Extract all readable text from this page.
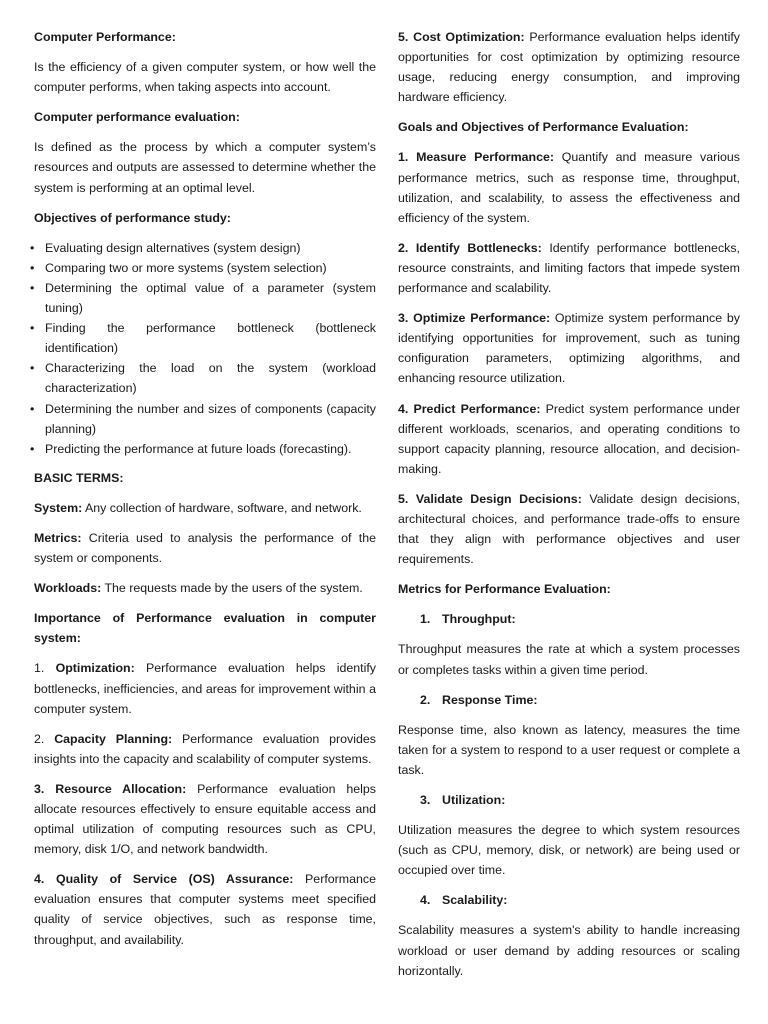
Computer Performance:

Is the efficiency of a given computer system, or how well the computer performs, when taking aspects into account.

Computer performance evaluation:

Is defined as the process by which a computer system’s resources and outputs are assessed to determine whether the system is performing at an optimal level.

Objectives of performance study:

• Evaluating design alternatives (system design)
• Comparing two or more systems (system selection)
• Determining the optimal value of a parameter (system tuning)
• Finding the performance bottleneck (bottleneck identification)
• Characterizing the load on the system (workload characterization)
• Determining the number and sizes of components (capacity planning)
• Predicting the performance at future loads (forecasting).

BASIC TERMS:

System: Any collection of hardware, software, and network.

Metrics: Criteria used to analysis the performance of the system or components.

Workloads: The requests made by the users of the system.

Importance of Performance evaluation in computer system:

1. Optimization: Performance evaluation helps identify bottlenecks, inefficiencies, and areas for improvement within a computer system.

2. Capacity Planning: Performance evaluation provides insights into the capacity and scalability of computer systems.

3. Resource Allocation: Performance evaluation helps allocate resources effectively to ensure equitable access and optimal utilization of computing resources such as CPU, memory, disk 1/O, and network bandwidth.

4. Quality of Service (OS) Assurance: Performance evaluation ensures that computer systems meet specified quality of service objectives, such as response time, throughput, and availability.

5. Cost Optimization: Performance evaluation helps identify opportunities for cost optimization by optimizing resource usage, reducing energy consumption, and improving hardware efficiency.

Goals and Objectives of Performance Evaluation:

1. Measure Performance: Quantify and measure various performance metrics, such as response time, throughput, utilization, and scalability, to assess the effectiveness and efficiency of the system.

2. Identify Bottlenecks: Identify performance bottlenecks, resource constraints, and limiting factors that impede system performance and scalability.

3. Optimize Performance: Optimize system performance by identifying opportunities for improvement, such as tuning configuration parameters, optimizing algorithms, and enhancing resource utilization.

4. Predict Performance: Predict system performance under different workloads, scenarios, and operating conditions to support capacity planning, resource allocation, and decision-making.

5. Validate Design Decisions: Validate design decisions, architectural choices, and performance trade-offs to ensure that they align with performance objectives and user requirements.

Metrics for Performance Evaluation:

1. Throughput:

Throughput measures the rate at which a system processes or completes tasks within a given time period.

2. Response Time:

Response time, also known as latency, measures the time taken for a system to respond to a user request or complete a task.

3. Utilization:

Utilization measures the degree to which system resources (such as CPU, memory, disk, or network) are being used or occupied over time.

4. Scalability:

Scalability measures a system's ability to handle increasing workload or user demand by adding resources or scaling horizontally.
